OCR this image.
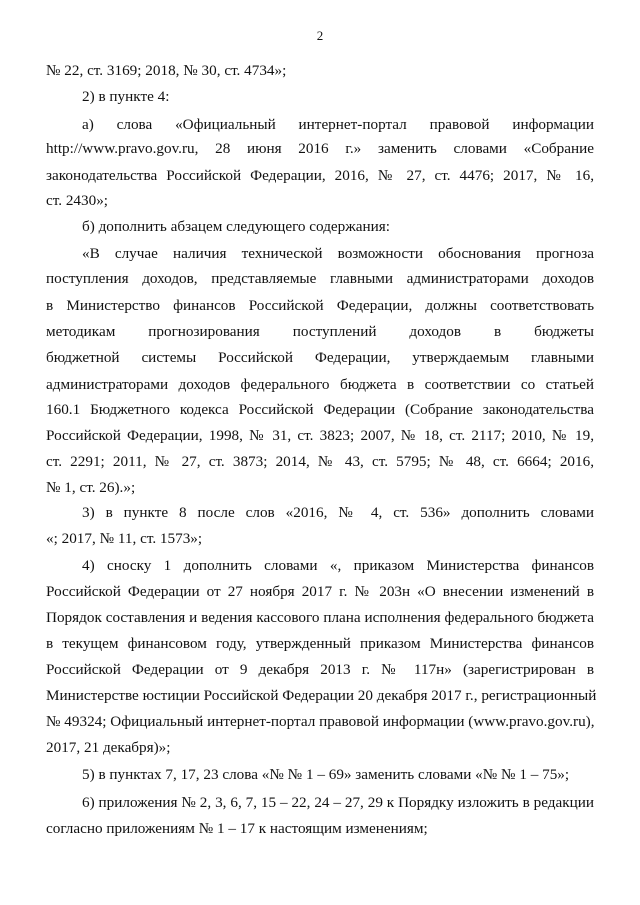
2
№ 22, ст. 3169; 2018, № 30, ст. 4734»;
2) в пункте 4:
а) слова «Официальный интернет-портал правовой информации
http://www.pravo.gov.ru, 28 июня 2016 г.» заменить словами «Собрание
законодательства Российской Федерации, 2016, № 27, ст. 4476; 2017, № 16,
ст. 2430»;
б) дополнить абзацем следующего содержания:
«В случае наличия технической возможности обоснования прогноза
поступления доходов, представляемые главными администраторами доходов
в Министерство финансов Российской Федерации, должны соответствовать
методикам прогнозирования поступлений доходов в бюджеты
бюджетной системы Российской Федерации, утверждаемым главными
администраторами доходов федерального бюджета в соответствии со статьей
160.1 Бюджетного кодекса Российской Федерации (Собрание законодательства
Российской Федерации, 1998, № 31, ст. 3823; 2007, № 18, ст. 2117; 2010, № 19,
ст. 2291; 2011, № 27, ст. 3873; 2014, № 43, ст. 5795; № 48, ст. 6664; 2016,
№ 1, ст. 26).»;
3) в пункте 8 после слов «2016, № 4, ст. 536» дополнить словами
«; 2017, № 11, ст. 1573»;
4) сноску 1 дополнить словами «, приказом Министерства финансов
Российской Федерации от 27 ноября 2017 г. № 203н «О внесении изменений в
Порядок составления и ведения кассового плана исполнения федерального бюджета
в текущем финансовом году, утвержденный приказом Министерства финансов
Российской Федерации от 9 декабря 2013 г. № 117н» (зарегистрирован в
Министерстве юстиции Российской Федерации 20 декабря 2017 г., регистрационный
№ 49324; Официальный интернет-портал правовой информации (www.pravo.gov.ru),
2017, 21 декабря)»;
5) в пунктах 7, 17, 23 слова «№ № 1 – 69» заменить словами «№ № 1 – 75»;
6) приложения № 2, 3, 6, 7, 15 – 22, 24 – 27, 29 к Порядку изложить в редакции
согласно приложениям № 1 – 17 к настоящим изменениям;
